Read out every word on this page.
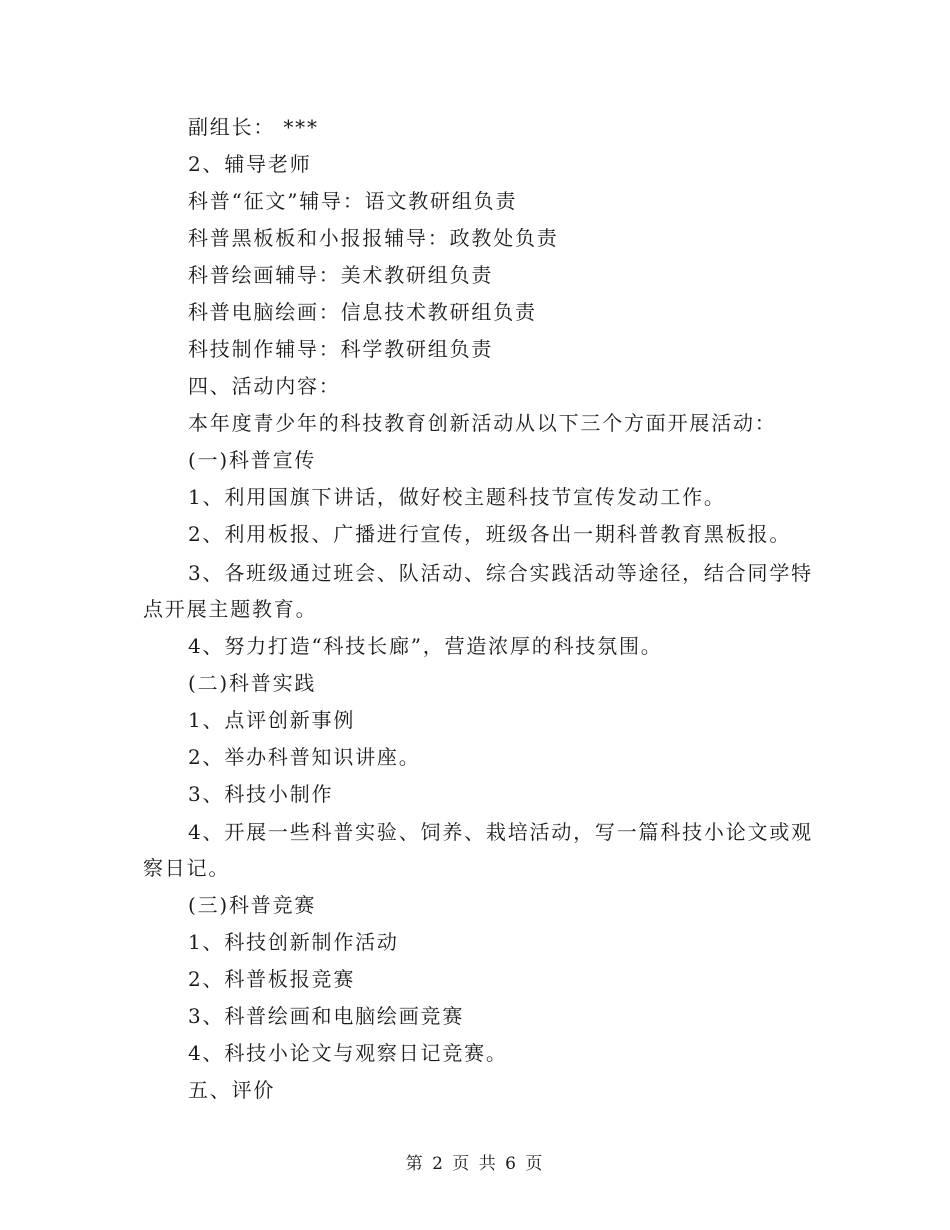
副组长： ***
2、辅导老师
科普“征文”辅导：语文教研组负责
科普黑板板和小报报辅导：政教处负责
科普绘画辅导：美术教研组负责
科普电脑绘画：信息技术教研组负责
科技制作辅导：科学教研组负责
四、活动内容：
本年度青少年的科技教育创新活动从以下三个方面开展活动：
(一)科普宣传
1、利用国旗下讲话，做好校主题科技节宣传发动工作。
2、利用板报、广播进行宣传，班级各出一期科普教育黑板报。
3、各班级通过班会、队活动、综合实践活动等途径，结合同学特
点开展主题教育。
4、努力打造“科技长廊”，营造浓厚的科技氛围。
(二)科普实践
1、点评创新事例
2、举办科普知识讲座。
3、科技小制作
4、开展一些科普实验、饲养、栽培活动，写一篇科技小论文或观
察日记。
(三)科普竞赛
1、科技创新制作活动
2、科普板报竞赛
3、科普绘画和电脑绘画竞赛
4、科技小论文与观察日记竞赛。
五、评价
第 2 页 共 6 页
